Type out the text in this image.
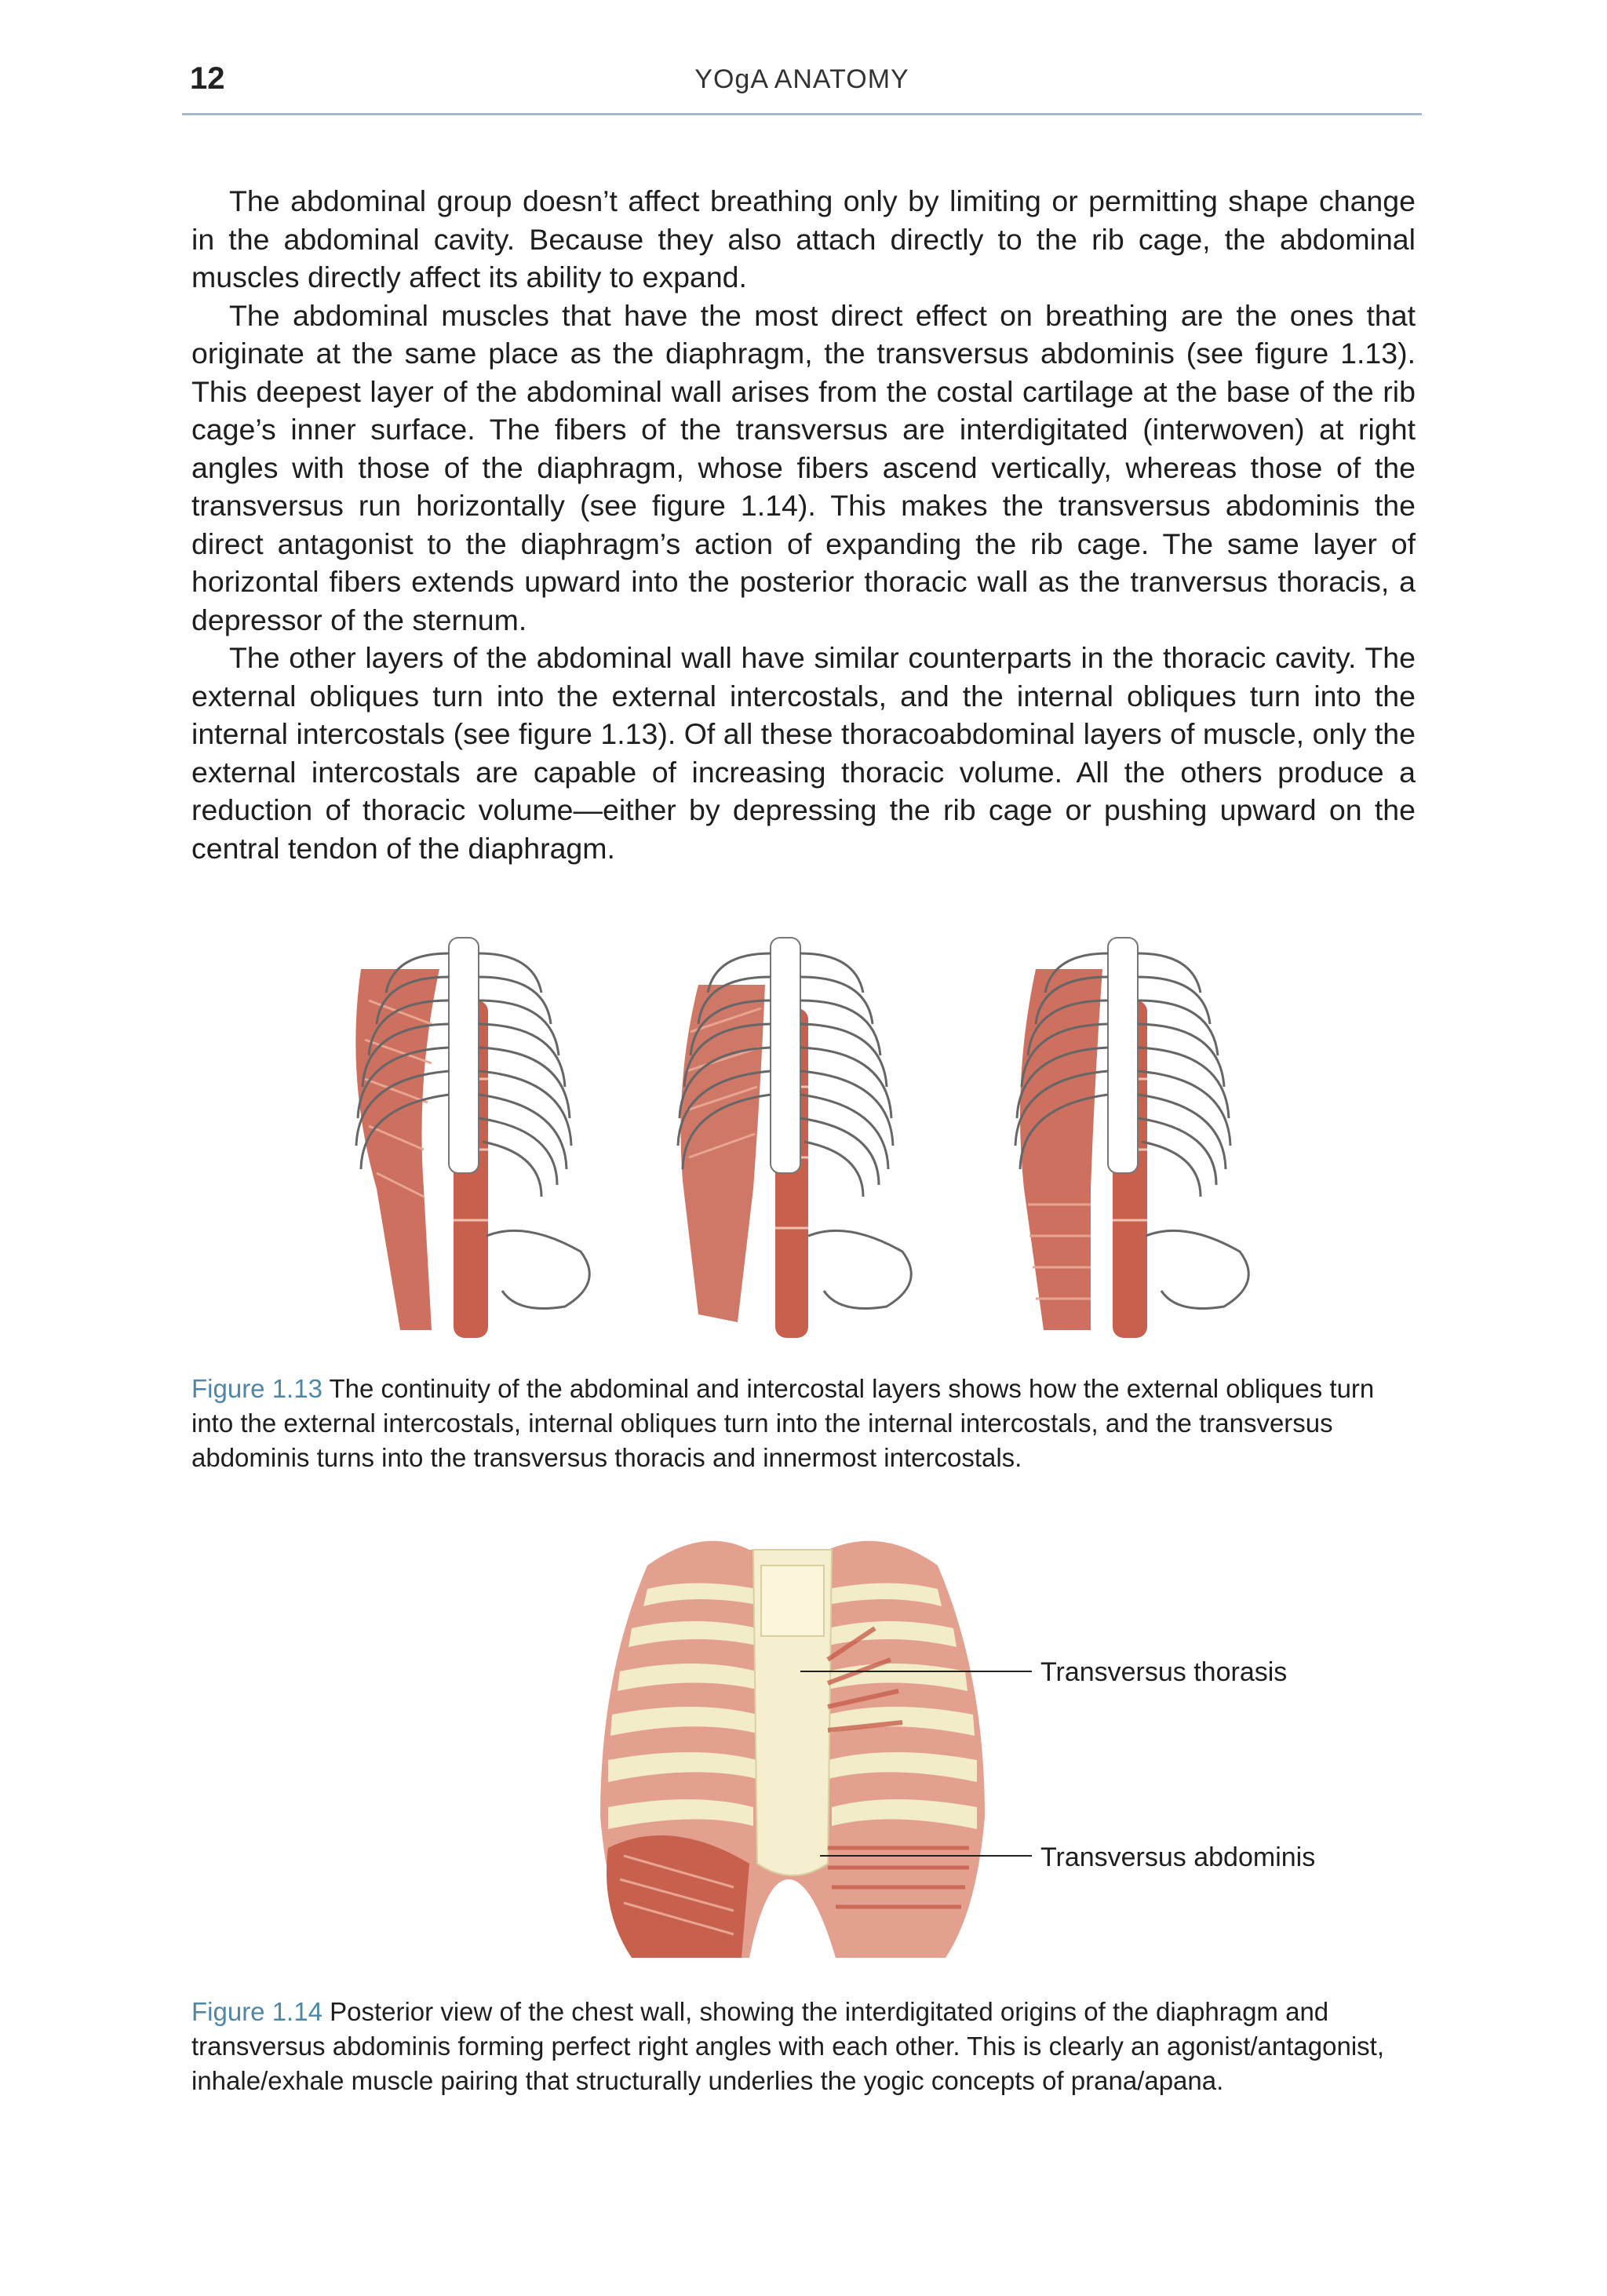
12	YOgA ANATOMY

The abdominal group doesn’t affect breathing only by limiting or permitting shape change in the abdominal cavity. Because they also attach directly to the rib cage, the abdominal muscles directly affect its ability to expand.

The abdominal muscles that have the most direct effect on breathing are the ones that originate at the same place as the diaphragm, the transversus abdominis (see figure 1.13). This deepest layer of the abdominal wall arises from the costal cartilage at the base of the rib cage’s inner surface. The fibers of the transversus are interdigitated (interwoven) at right angles with those of the diaphragm, whose fibers ascend vertically, whereas those of the transversus run horizontally (see figure 1.14). This makes the transversus abdominis the direct antagonist to the diaphragm’s action of expanding the rib cage. The same layer of horizontal fibers extends upward into the posterior thoracic wall as the tranversus thoracis, a depressor of the sternum.

The other layers of the abdominal wall have similar counterparts in the thoracic cavity. The external obliques turn into the external intercostals, and the internal obliques turn into the internal intercostals (see figure 1.13). Of all these thoracoabdominal layers of muscle, only the external intercostals are capable of increasing thoracic volume. All the others produce a reduction of thoracic volume—either by depressing the rib cage or pushing upward on the central tendon of the diaphragm.

Figure 1.13 The continuity of the abdominal and intercostal layers shows how the external obliques turn into the external intercostals, internal obliques turn into the internal intercostals, and the transversus abdominis turns into the transversus thoracis and innermost intercostals.
Transversus thorasis
Transversus abdominis
Figure 1.14 Posterior view of the chest wall, showing the interdigitated origins of the diaphragm and transversus abdominis forming perfect right angles with each other. This is clearly an agonist/antagonist, inhale/exhale muscle pairing that structurally underlies the yogic concepts of prana/apana.
